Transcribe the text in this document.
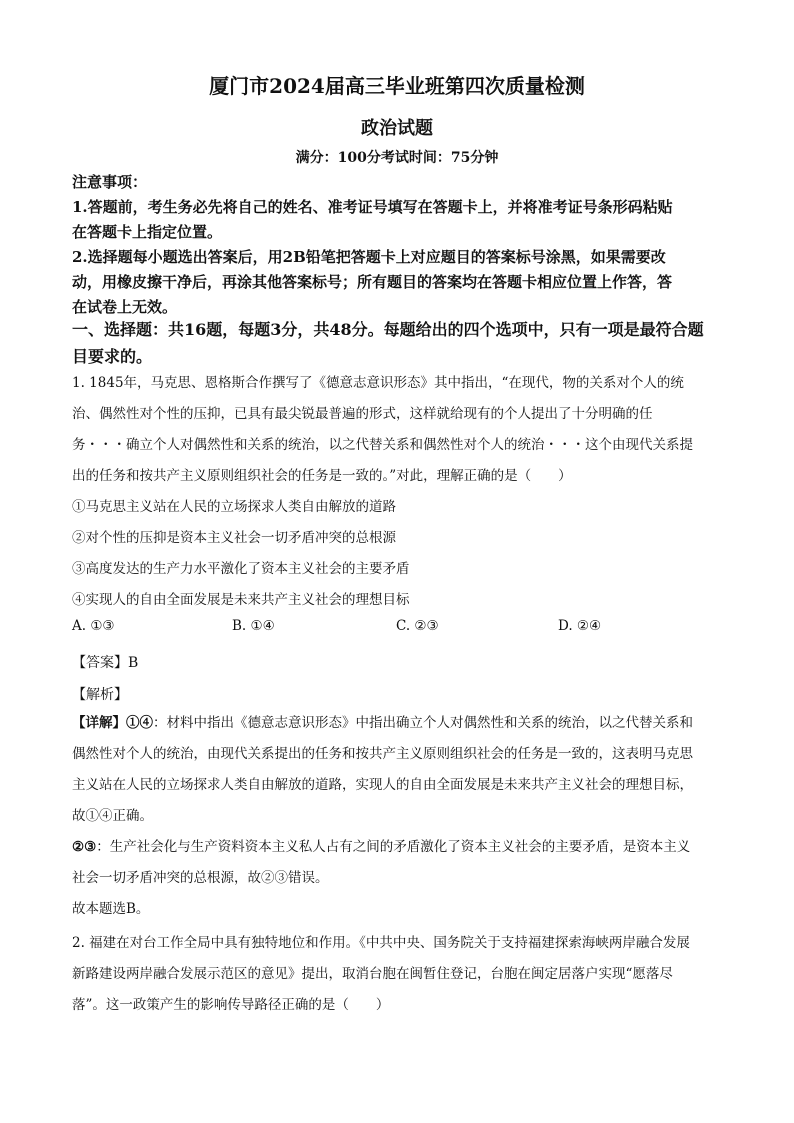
厦门市2024届高三毕业班第四次质量检测
政治试题
满分：100分考试时间：75分钟
注意事项：
1.答题前，考生务必先将自己的姓名、准考证号填写在答题卡上，并将准考证号条形码粘贴
在答题卡上指定位置。
2.选择题每小题选出答案后，用2B铅笔把答题卡上对应题目的答案标号涂黑，如果需要改
动，用橡皮擦干净后，再涂其他答案标号；所有题目的答案均在答题卡相应位置上作答，答
在试卷上无效。
一、选择题：共16题，每题3分，共48分。每题给出的四个选项中，只有一项是最符合题
目要求的。
1. 1845年，马克思、恩格斯合作撰写了《德意志意识形态》其中指出，“在现代，物的关系对个人的统
治、偶然性对个性的压抑，已具有最尖锐最普遍的形式，这样就给现有的个人提出了十分明确的任
务・・・确立个人对偶然性和关系的统治，以之代替关系和偶然性对个人的统治・・・这个由现代关系提
出的任务和按共产主义原则组织社会的任务是一致的。”对此，理解正确的是（　　）
①马克思主义站在人民的立场探求人类自由解放的道路
②对个性的压抑是资本主义社会一切矛盾冲突的总根源
③高度发达的生产力水平激化了资本主义社会的主要矛盾
④实现人的自由全面发展是未来共产主义社会的理想目标
A. ①③	B. ①④	C. ②③	D. ②④
【答案】B
【解析】
【详解】①④：材料中指出《德意志意识形态》中指出确立个人对偶然性和关系的统治，以之代替关系和
偶然性对个人的统治，由现代关系提出的任务和按共产主义原则组织社会的任务是一致的，这表明马克思
主义站在人民的立场探求人类自由解放的道路，实现人的自由全面发展是未来共产主义社会的理想目标，
故①④正确。
②③：生产社会化与生产资料资本主义私人占有之间的矛盾激化了资本主义社会的主要矛盾，是资本主义
社会一切矛盾冲突的总根源，故②③错误。
故本题选B。
2. 福建在对台工作全局中具有独特地位和作用。《中共中央、国务院关于支持福建探索海峡两岸融合发展
新路建设两岸融合发展示范区的意见》提出，取消台胞在闽暂住登记，台胞在闽定居落户实现“愿落尽
落”。这一政策产生的影响传导路径正确的是（　　）
